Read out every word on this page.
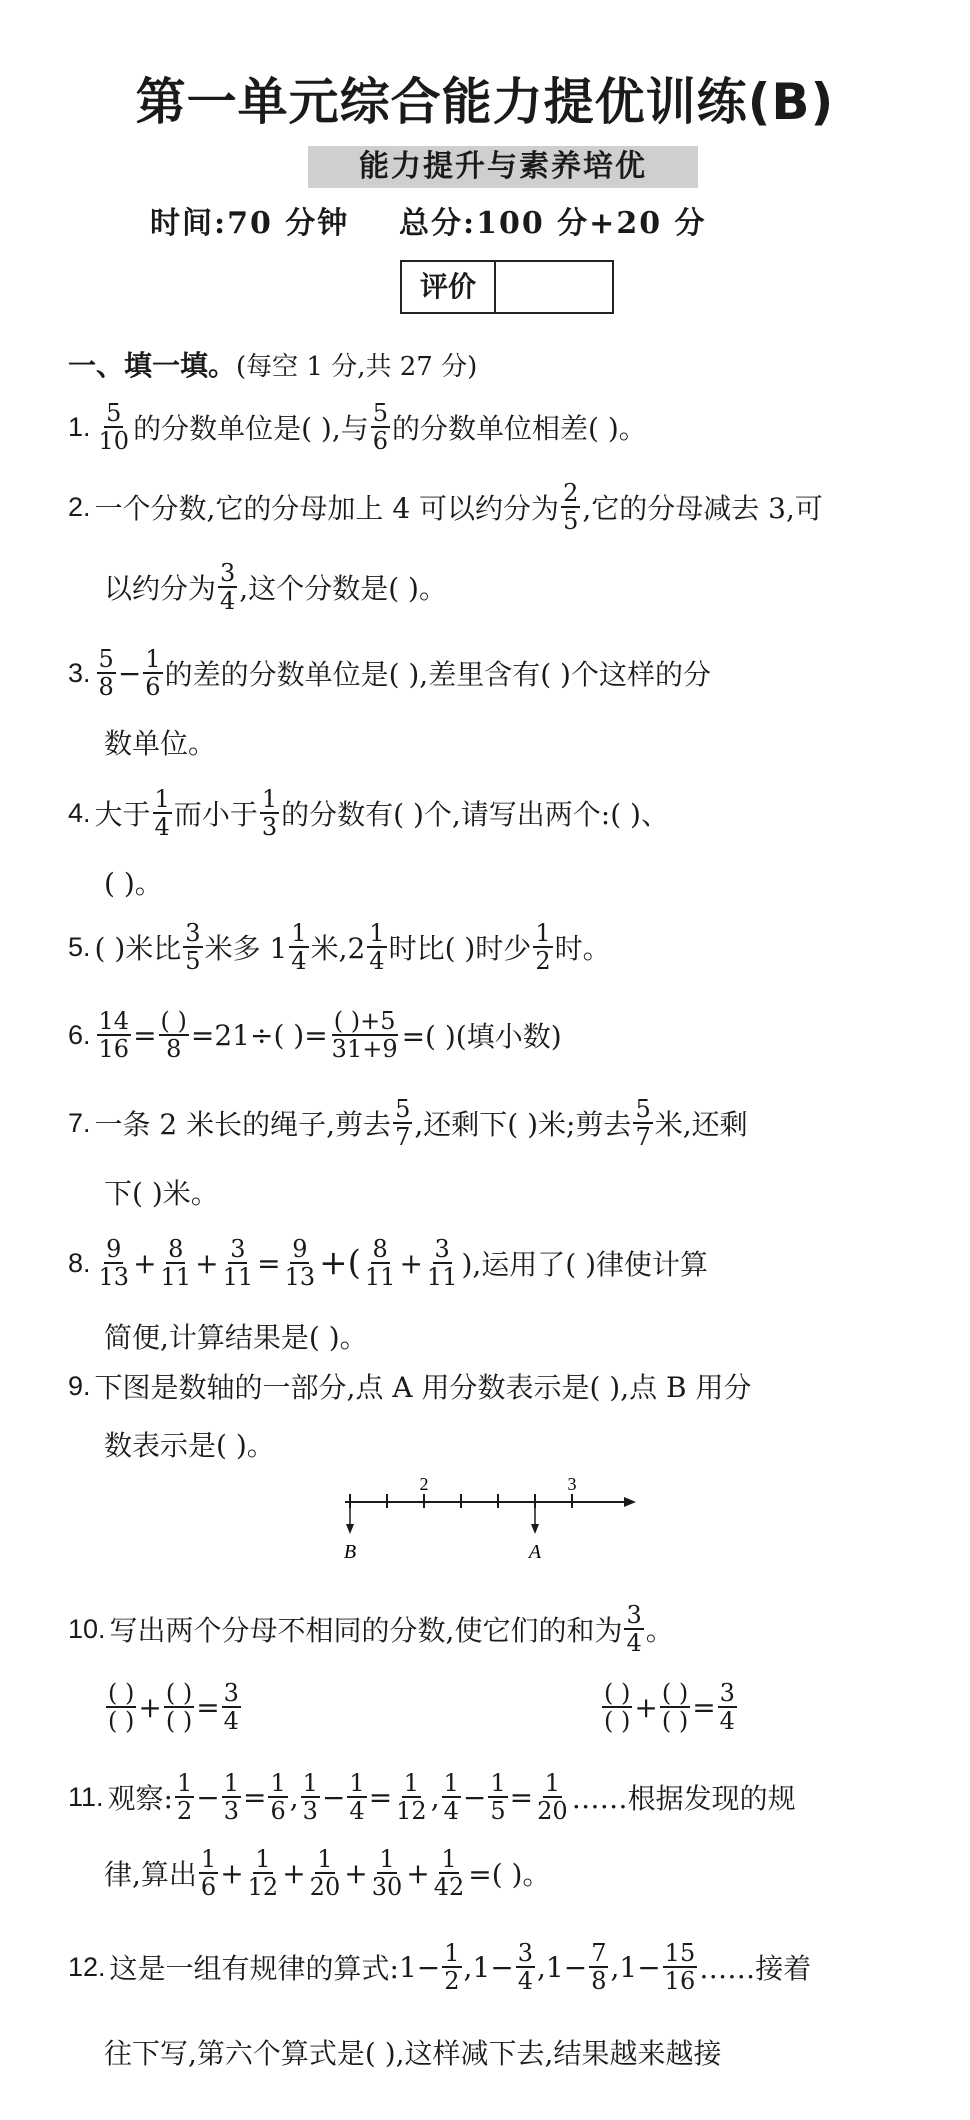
第一单元综合能力提优训练(B)
能力提升与素养培优
时间:70 分钟    总分:100 分+20 分
评价
一、填一填。(每空 1 分,共 27 分)
1. $\frac{5}{10}$ 的分数单位是( ),与 $\frac{5}{6}$ 的分数单位相差( )。
2. 一个分数,它的分母加上 4 可以约分为 $\frac{2}{5}$ ,它的分母减去 3,可
以约分为 $\frac{3}{4}$ ,这个分数是( )。
3. $\frac{5}{8} - \frac{1}{6}$ 的差的分数单位是( ),差里含有( )个这样的分
数单位。
4. 大于 $\frac{1}{4}$ 而小于 $\frac{1}{3}$ 的分数有( )个,请写出两个:( )、
( )。
5. ( )米比 $\frac{3}{5}$ 米多 $1 \frac{1}{4}$ 米$,2 \frac{1}{4}$ 时比( )时少 $\frac{1}{2}$ 时。
6. $\frac{14}{16} = \frac{( )}{8} =21\div$( )= $\frac{( )+5}{31+9}$ =( )(填小数)
7. 一条 2 米长的绳子,剪去 $\frac{5}{7}$ ,还剩下( )米;剪去 $\frac{5}{7}$ 米,还剩
下( )米。
8. $\frac{9}{13} + \frac{8}{11} + \frac{3}{11} = \frac{9}{13}$ +( $\frac{8}{11} + \frac{3}{11}$ ),运用了( )律使计算
简便,计算结果是( )。
9. 下图是数轴的一部分,点 A 用分数表示是( ),点 B 用分
数表示是( )。
2	3
B	A
10. 写出两个分母不相同的分数,使它们的和为 $\frac{3}{4}$ 。
$\frac{( )}{( )} + \frac{( )}{( )} = \frac{3}{4}$	$\frac{( )}{( )} + \frac{( )}{( )} = \frac{3}{4}$
11. 观察: $\frac{1}{2} - \frac{1}{3} = \frac{1}{6}$ , $\frac{1}{3} - \frac{1}{4} = \frac{1}{12}$ , $\frac{1}{4} - \frac{1}{5} = \frac{1}{20}$ ……根据发现的规
律,算出 $\frac{1}{6} + \frac{1}{12} + \frac{1}{20} + \frac{1}{30} + \frac{1}{42}$ =( )。
12. 这是一组有规律的算式: $1- \frac{1}{2}$ , $1- \frac{3}{4}$ , $1- \frac{7}{8}$ , $1- \frac{15}{16}$ ……接着
往下写,第六个算式是( ),这样减下去,结果越来越接
